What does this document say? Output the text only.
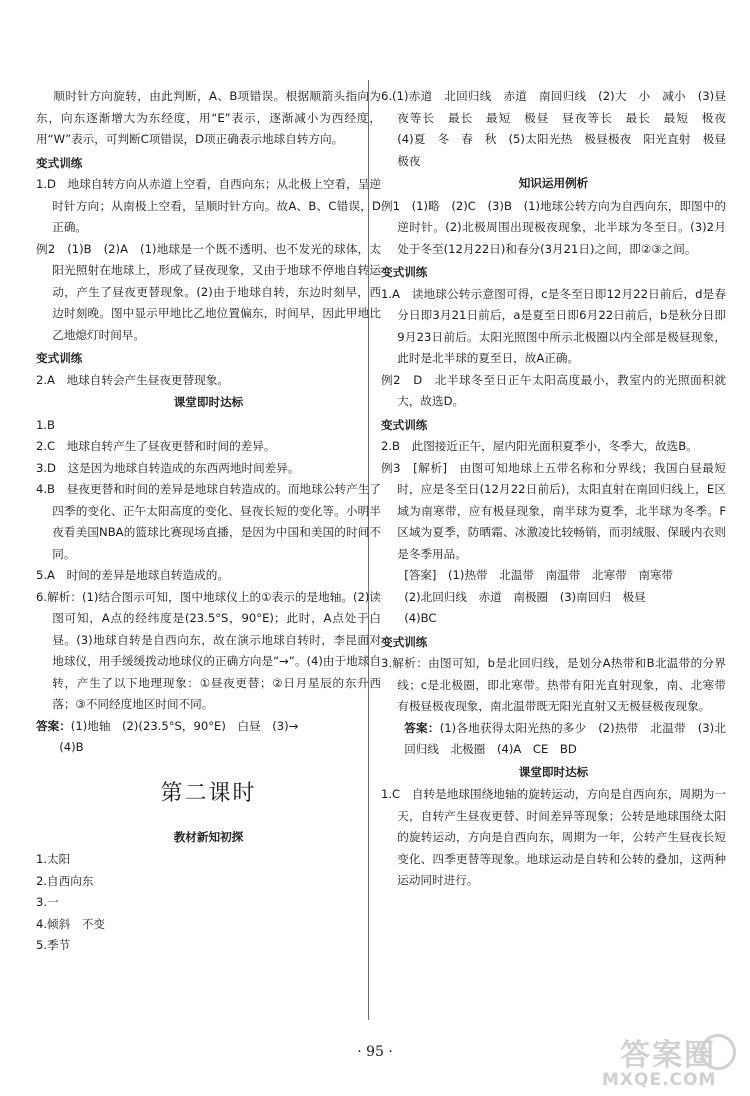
顺时针方向旋转，由此判断，A、B项错误。根据顺箭头指向为东，向东逐渐增大为东经度，用“E”表示，逐渐减小为西经度，用“W”表示，可判断C项错误，D项正确表示地球自转方向。
变式训练
1.D　地球自转方向从赤道上空看，自西向东；从北极上空看，呈逆时针方向；从南极上空看，呈顺时针方向。故A、B、C错误，D正确。
例2　(1)B　(2)A　(1)地球是一个既不透明、也不发光的球体，太阳光照射在地球上，形成了昼夜现象，又由于地球不停地自转运动，产生了昼夜更替现象。(2)由于地球自转，东边时刻早，西边时刻晚。图中显示甲地比乙地位置偏东，时间早，因此甲地比乙地熄灯时间早。
变式训练
2.A　地球自转会产生昼夜更替现象。
课堂即时达标
1.B
2.C　地球自转产生了昼夜更替和时间的差异。
3.D　这是因为地球自转造成的东西两地时间差异。
4.B　昼夜更替和时间的差异是地球自转造成的。而地球公转产生了四季的变化、正午太阳高度的变化、昼夜长短的变化等。小明半夜看美国NBA的篮球比赛现场直播，是因为中国和美国的时间不同。
5.A　时间的差异是地球自转造成的。
6.解析：(1)结合图示可知，图中地球仪上的①表示的是地轴。(2)读图可知，A点的经纬度是(23.5°S，90°E)；此时，A点处于白昼。(3)地球自转是自西向东，故在演示地球自转时，李昆面对地球仪，用手缓缓拨动地球仪的正确方向是“→”。(4)由于地球自转，产生了以下地理现象：①昼夜更替；②日月星辰的东升西落；③不同经度地区时间不同。
答案：(1)地轴　(2)(23.5°S，90°E)　白昼　(3)→
(4)B
第二课时
教材新知初探
1.太阳
2.自西向东
3.一
4.倾斜　不变
5.季节
6.(1)赤道　北回归线　赤道　南回归线　(2)大　小　减小　(3)昼夜等长　最长　最短　极昼　昼夜等长　最长　最短　极夜　(4)夏　冬　春　秋　(5)太阳光热　极昼极夜　阳光直射　极昼极夜
知识运用例析
例1　(1)略　(2)C　(3)B　(1)地球公转方向为自西向东，即图中的逆时针。(2)北极周围出现极夜现象，北半球为冬至日。(3)2月处于冬至(12月22日)和春分(3月21日)之间，即②③之间。
变式训练
1.A　读地球公转示意图可得，c是冬至日即12月22日前后，d是春分日即3月21日前后，a是夏至日即6月22日前后，b是秋分日即9月23日前后。太阳光照图中所示北极圈以内全部是极昼现象，此时是北半球的夏至日，故A正确。
例2　D　北半球冬至日正午太阳高度最小，教室内的光照面积就大，故选D。
变式训练
2.B　此图接近正午，屋内阳光面积夏季小，冬季大，故选B。
例3　[解析]　由图可知地球上五带名称和分界线；我国白昼最短时，应是冬至日(12月22日前后)，太阳直射在南回归线上，E区域为南寒带，应有极昼现象，南半球为夏季，北半球为冬季。F区域为夏季，防晒霜、冰激凌比较畅销，而羽绒服、保暖内衣则是冬季用品。
[答案]　(1)热带　北温带　南温带　北寒带　南寒带
(2)北回归线　赤道　南极圈　(3)南回归　极昼
(4)BC
变式训练
3.解析：由图可知，b是北回归线，是划分A热带和B北温带的分界线；c是北极圈，即北寒带。热带有阳光直射现象，南、北寒带有极昼极夜现象，南北温带既无阳光直射又无极昼极夜现象。
答案：(1)各地获得太阳光热的多少　(2)热带　北温带　(3)北回归线　北极圈　(4)A　CE　BD
课堂即时达标
1.C　自转是地球围绕地轴的旋转运动，方向是自西向东，周期为一天，自转产生昼夜更替、时间差异等现象；公转是地球围绕太阳的旋转运动，方向是自西向东，周期为一年，公转产生昼夜长短变化、四季更替等现象。地球运动是自转和公转的叠加，这两种运动同时进行。
· 95 ·	答案圈
MXQE.COM
